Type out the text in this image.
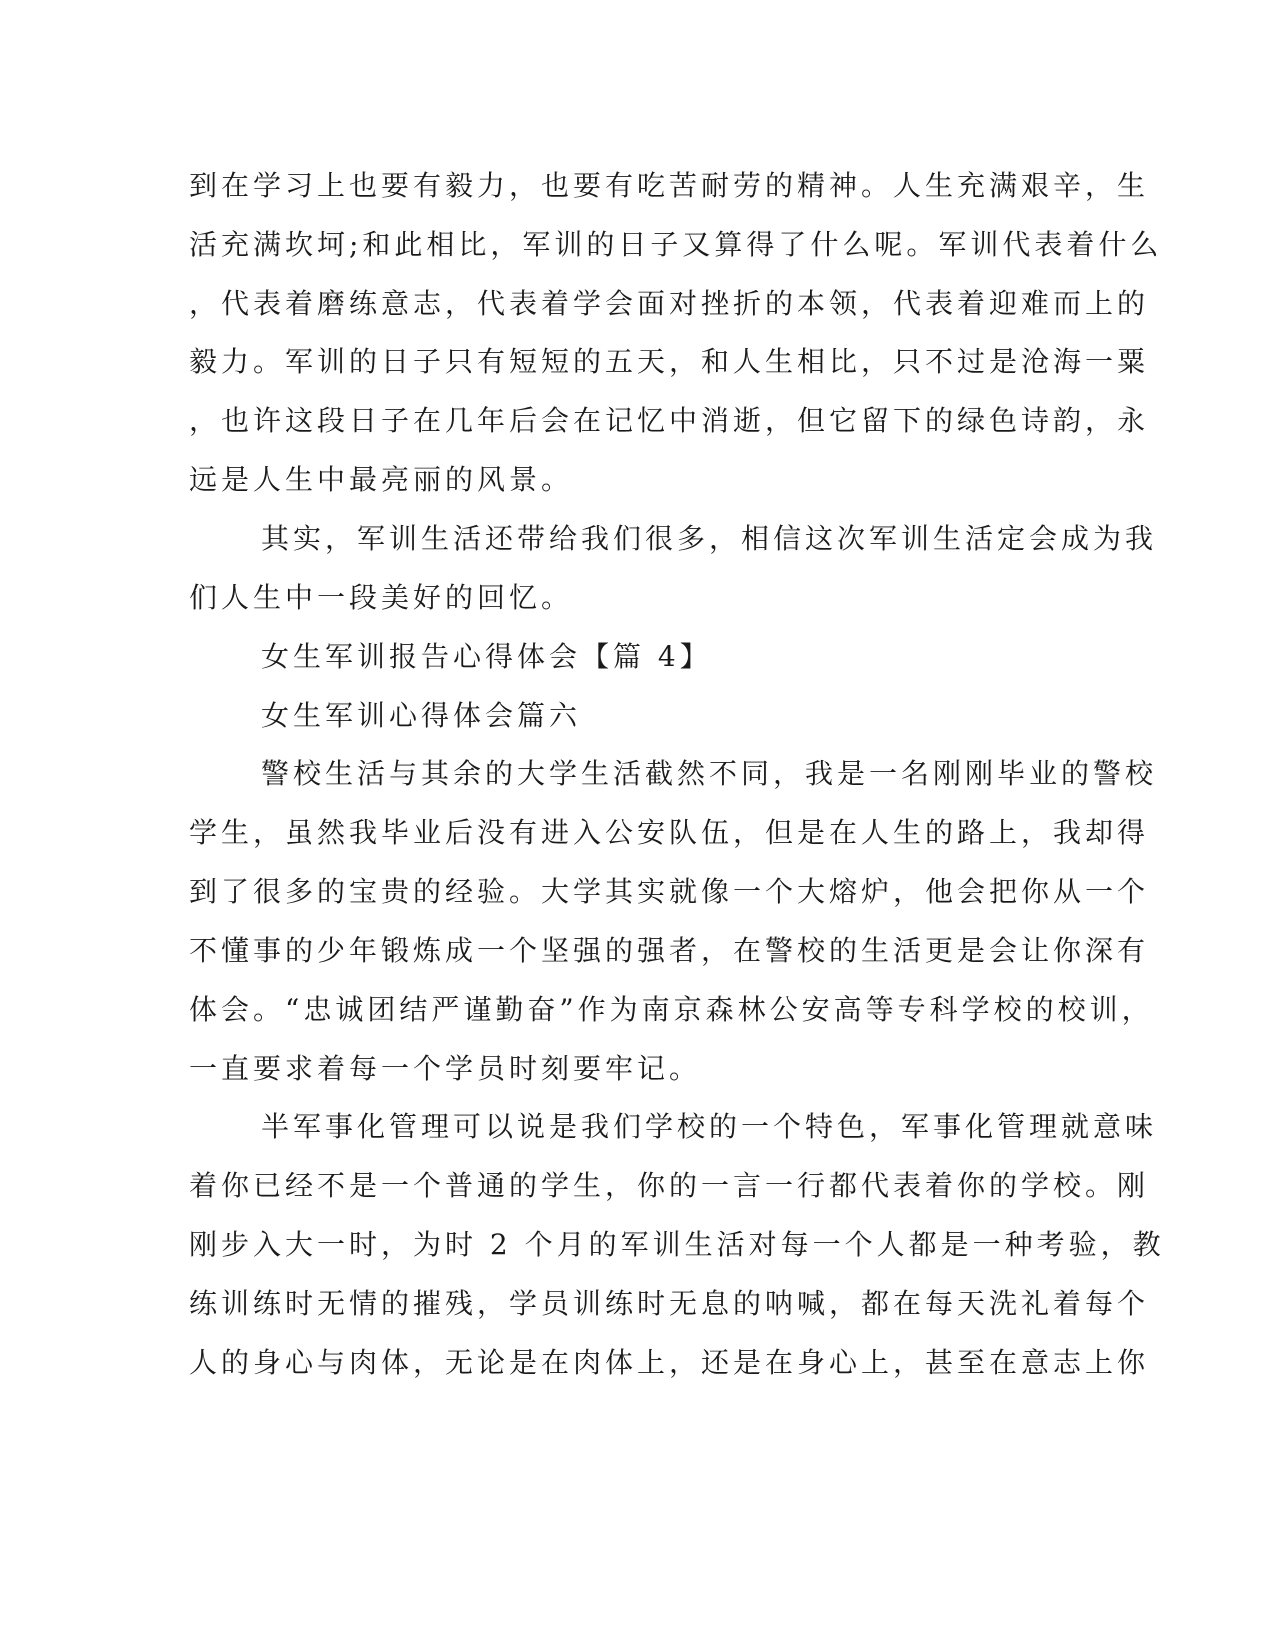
到在学习上也要有毅力，也要有吃苦耐劳的精神。人生充满艰辛，生
活充满坎坷;和此相比，军训的日子又算得了什么呢。军训代表着什么
，代表着磨练意志，代表着学会面对挫折的本领，代表着迎难而上的
毅力。军训的日子只有短短的五天，和人生相比，只不过是沧海一粟
，也许这段日子在几年后会在记忆中消逝，但它留下的绿色诗韵，永
远是人生中最亮丽的风景。
其实，军训生活还带给我们很多，相信这次军训生活定会成为我
们人生中一段美好的回忆。
女生军训报告心得体会【篇 4】
女生军训心得体会篇六
警校生活与其余的大学生活截然不同，我是一名刚刚毕业的警校
学生，虽然我毕业后没有进入公安队伍，但是在人生的路上，我却得
到了很多的宝贵的经验。大学其实就像一个大熔炉，他会把你从一个
不懂事的少年锻炼成一个坚强的强者，在警校的生活更是会让你深有
体会。“忠诚团结严谨勤奋”作为南京森林公安高等专科学校的校训，
一直要求着每一个学员时刻要牢记。
半军事化管理可以说是我们学校的一个特色，军事化管理就意味
着你已经不是一个普通的学生，你的一言一行都代表着你的学校。刚
刚步入大一时，为时 2 个月的军训生活对每一个人都是一种考验，教
练训练时无情的摧残，学员训练时无息的呐喊，都在每天洗礼着每个
人的身心与肉体，无论是在肉体上，还是在身心上，甚至在意志上你
